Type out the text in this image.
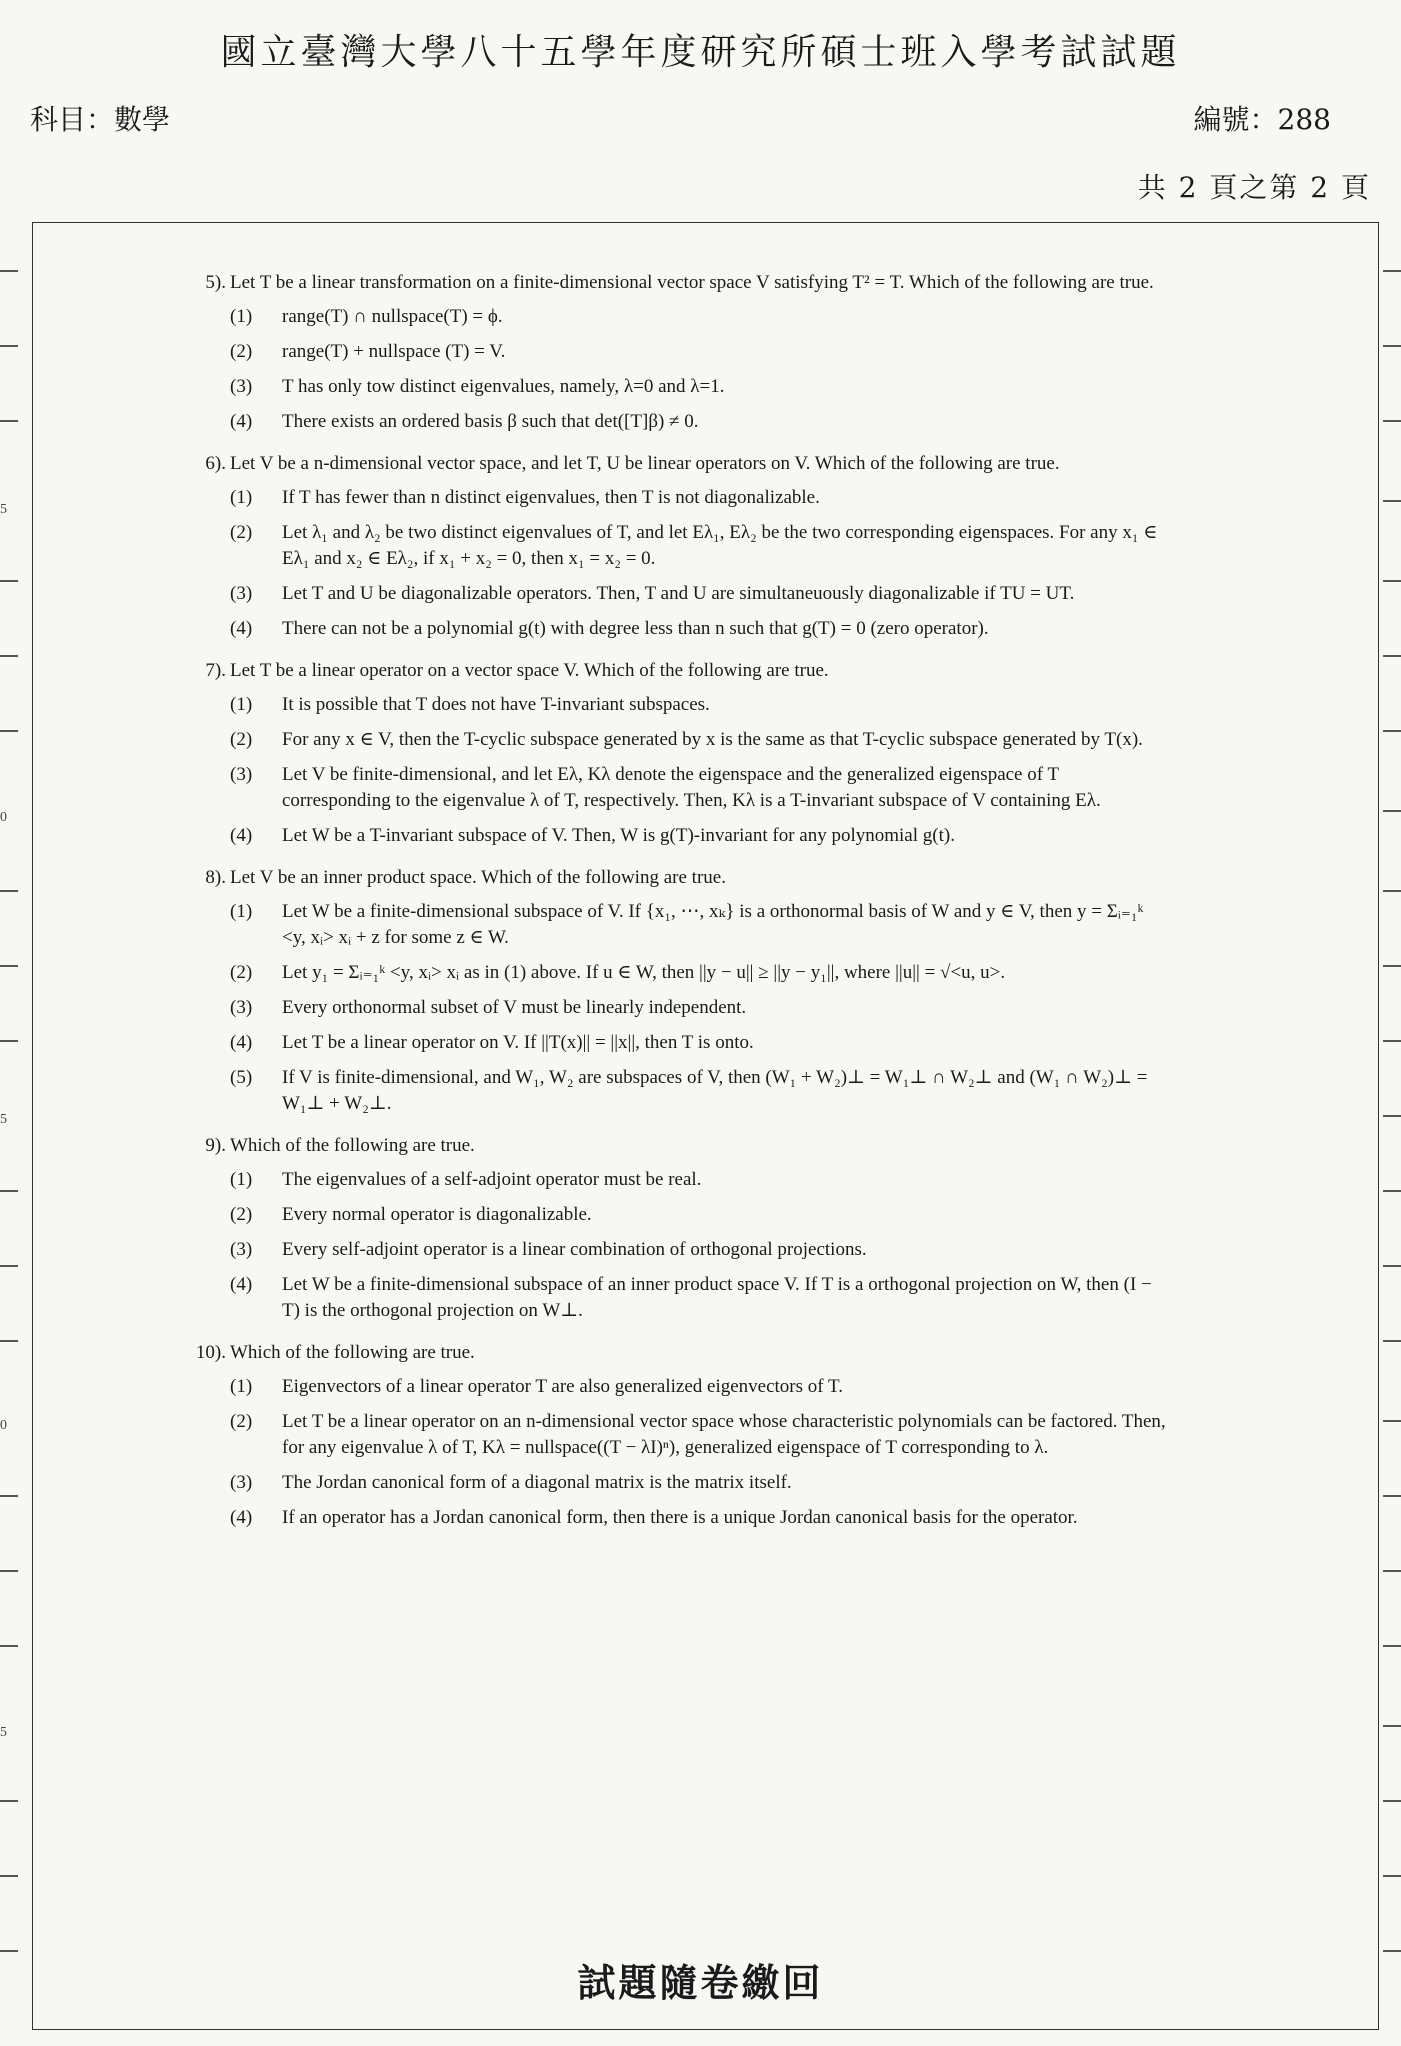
國立臺灣大學八十五學年度研究所碩士班入學考試試題
科目：數學	編號：288
共 2 頁之第 2 頁
5
0
5
0
5
5). Let T be a linear transformation on a finite-dimensional vector space V satisfying T² = T. Which of the following are true.
(1) range(T) ∩ nullspace(T) = ϕ.
(2) range(T) + nullspace (T) = V.
(3) T has only tow distinct eigenvalues, namely, λ=0 and λ=1.
(4) There exists an ordered basis β such that det([T]β) ≠ 0.
6). Let V be a n-dimensional vector space, and let T, U be linear operators on V. Which of the following are true.
(1) If T has fewer than n distinct eigenvalues, then T is not diagonalizable.
(2) Let λ₁ and λ₂ be two distinct eigenvalues of T, and let Eλ₁, Eλ₂ be the two corresponding eigenspaces. For any x₁ ∈ Eλ₁ and x₂ ∈ Eλ₂, if x₁ + x₂ = 0, then x₁ = x₂ = 0.
(3) Let T and U be diagonalizable operators. Then, T and U are simultaneuously diagonalizable if TU = UT.
(4) There can not be a polynomial g(t) with degree less than n such that g(T) = 0 (zero operator).
7). Let T be a linear operator on a vector space V. Which of the following are true.
(1) It is possible that T does not have T-invariant subspaces.
(2) For any x ∈ V, then the T-cyclic subspace generated by x is the same as that T-cyclic subspace generated by T(x).
(3) Let V be finite-dimensional, and let Eλ, Kλ denote the eigenspace and the generalized eigenspace of T corresponding to the eigenvalue λ of T, respectively. Then, Kλ is a T-invariant subspace of V containing Eλ.
(4) Let W be a T-invariant subspace of V. Then, W is g(T)-invariant for any polynomial g(t).
8). Let V be an inner product space. Which of the following are true.
(1) Let W be a finite-dimensional subspace of V. If {x₁, ⋯, xₖ} is a orthonormal basis of W and y ∈ V, then y = Σᵢ₌₁ᵏ <y, xᵢ> xᵢ + z for some z ∈ W.
(2) Let y₁ = Σᵢ₌₁ᵏ <y, xᵢ> xᵢ as in (1) above. If u ∈ W, then ||y − u|| ≥ ||y − y₁||, where ||u|| = √<u, u>.
(3) Every orthonormal subset of V must be linearly independent.
(4) Let T be a linear operator on V. If ||T(x)|| = ||x||, then T is onto.
(5) If V is finite-dimensional, and W₁, W₂ are subspaces of V, then (W₁ + W₂)⊥ = W₁⊥ ∩ W₂⊥ and (W₁ ∩ W₂)⊥ = W₁⊥ + W₂⊥.
9). Which of the following are true.
(1) The eigenvalues of a self-adjoint operator must be real.
(2) Every normal operator is diagonalizable.
(3) Every self-adjoint operator is a linear combination of orthogonal projections.
(4) Let W be a finite-dimensional subspace of an inner product space V. If T is a orthogonal projection on W, then (I − T) is the orthogonal projection on W⊥.
10). Which of the following are true.
(1) Eigenvectors of a linear operator T are also generalized eigenvectors of T.
(2) Let T be a linear operator on an n-dimensional vector space whose characteristic polynomials can be factored. Then, for any eigenvalue λ of T, Kλ = nullspace((T − λI)ⁿ), generalized eigenspace of T corresponding to λ.
(3) The Jordan canonical form of a diagonal matrix is the matrix itself.
(4) If an operator has a Jordan canonical form, then there is a unique Jordan canonical basis for the operator.
試題隨卷繳回
